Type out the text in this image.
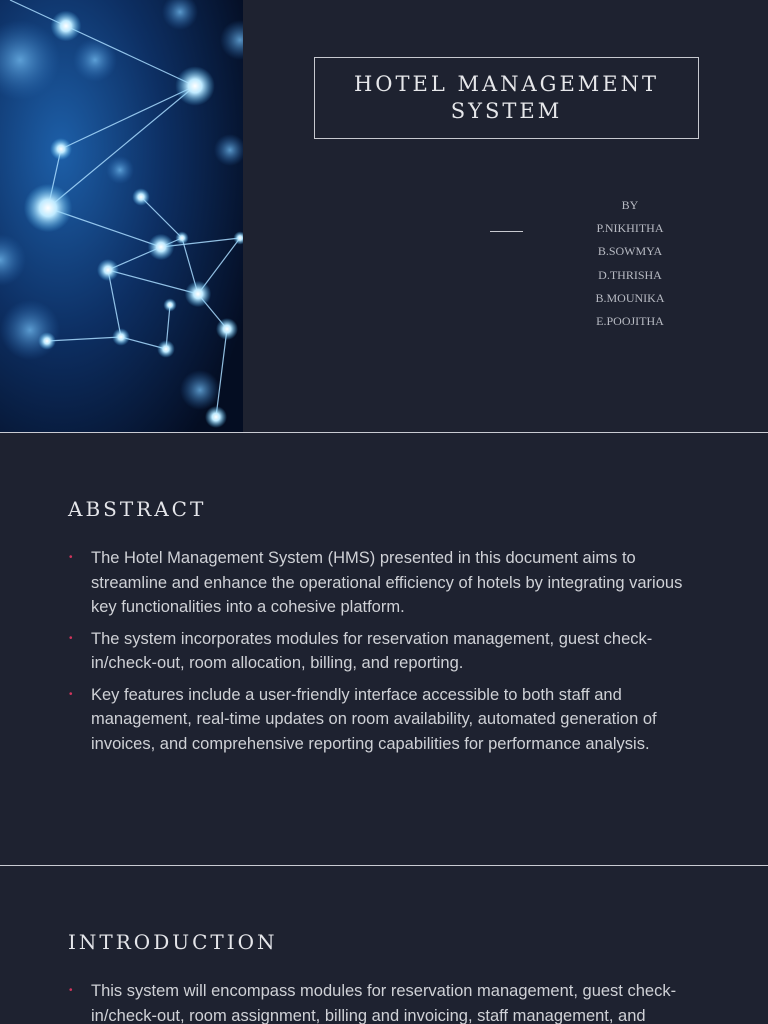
HOTEL MANAGEMENT SYSTEM
BY
P.NIKHITHA
B.SOWMYA
D.THRISHA
B.MOUNIKA
E.POOJITHA
ABSTRACT
• The Hotel Management System (HMS) presented in this document aims to streamline and enhance the operational efficiency of hotels by integrating various key functionalities into a cohesive platform.
• The system incorporates modules for reservation management, guest check-in/check-out, room allocation, billing, and reporting.
• Key features include a user-friendly interface accessible to both staff and management, real-time updates on room availability, automated generation of invoices, and comprehensive reporting capabilities for performance analysis.
INTRODUCTION
• This system will encompass modules for reservation management, guest check-in/check-out, room assignment, billing and invoicing, staff management, and
